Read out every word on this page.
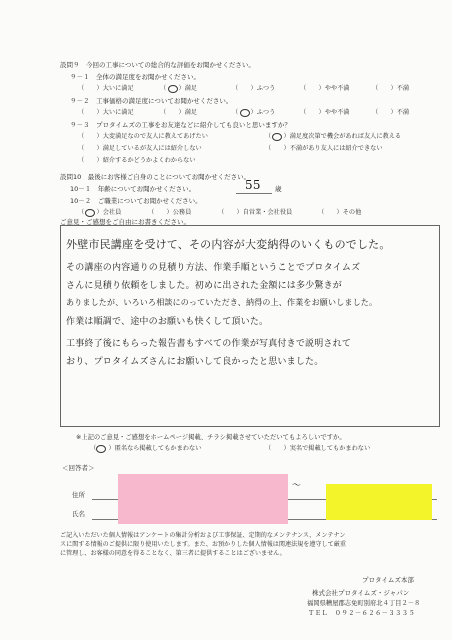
設問９　今回の工事についての総合的な評価をお聞かせください。
９－１　全体の満足度をお聞かせください。
（　　）大いに満足	（　　）満足	（　　）ふつう	（　　）やや不満	（　　）不満
９－２　工事価格の満足度についてお聞かせください。
（　　）大いに満足	（　　）満足	（　　）ふつう	（　　）やや不満	（　　）不満
９－３　プロタイムズの工事をお友達などに紹介しても良いと思いますか？
（　　）大変満足なので友人に教えてあげたい	（　　）満足度次第で機会があれば友人に教える
（　　）満足しているが友人には紹介しない	（　　）不満があり友人には紹介できない
（　　）紹介するかどうかよくわからない
設問10　最後にお客様ご自身のことについてお聞かせください。
10－１　年齢についてお聞かせください。	55 歳
10－２　ご職業についてお聞かせください。
（　　）会社員	（　　）公務員	（　　）自営業・会社役員	（　　）その他
ご意見・ご感想をご自由にお書きください。
外壁市民講座を受けて、その内容が大変納得のいくものでした。
その講座の内容通りの見積り方法、作業手順ということでプロタイムズ
さんに見積り依頼をしました。初めに出された金額には多少驚きが
ありましたが、いろいろ相談にのっていただき、納得の上、作業をお願いしました。
作業は順調で、途中のお願いも快くして頂いた。
工事終了後にもらった報告書もすべての作業が写真付きで説明されて
おり、プロタイムズさんにお願いして良かったと思いました。
※上記のご意見・ご感想をホームページ掲載、チラシ掲載させていただいてもよろしいですか。
（　　）匿名なら掲載してもかまわない	（　　）実名で掲載してもかまわない
＜回答者＞
住所
氏名
〜
ご記入いただいた個人情報はアンケートの集計分析および工事保証、定期的なメンテナンス、メンテナン
スに関する情報のご提供に限り使用いたします。また、お預かりした個人情報は関連法規を遵守して厳重
に管理し、お客様の同意を得ることなく、第三者に提供することはございません。
プロタイムズ本部
株式会社プロタイムズ・ジャパン
福岡県糟屋郡志免町別府北４丁目２－８
ＴＥＬ　０９２－６２６－３３３５
